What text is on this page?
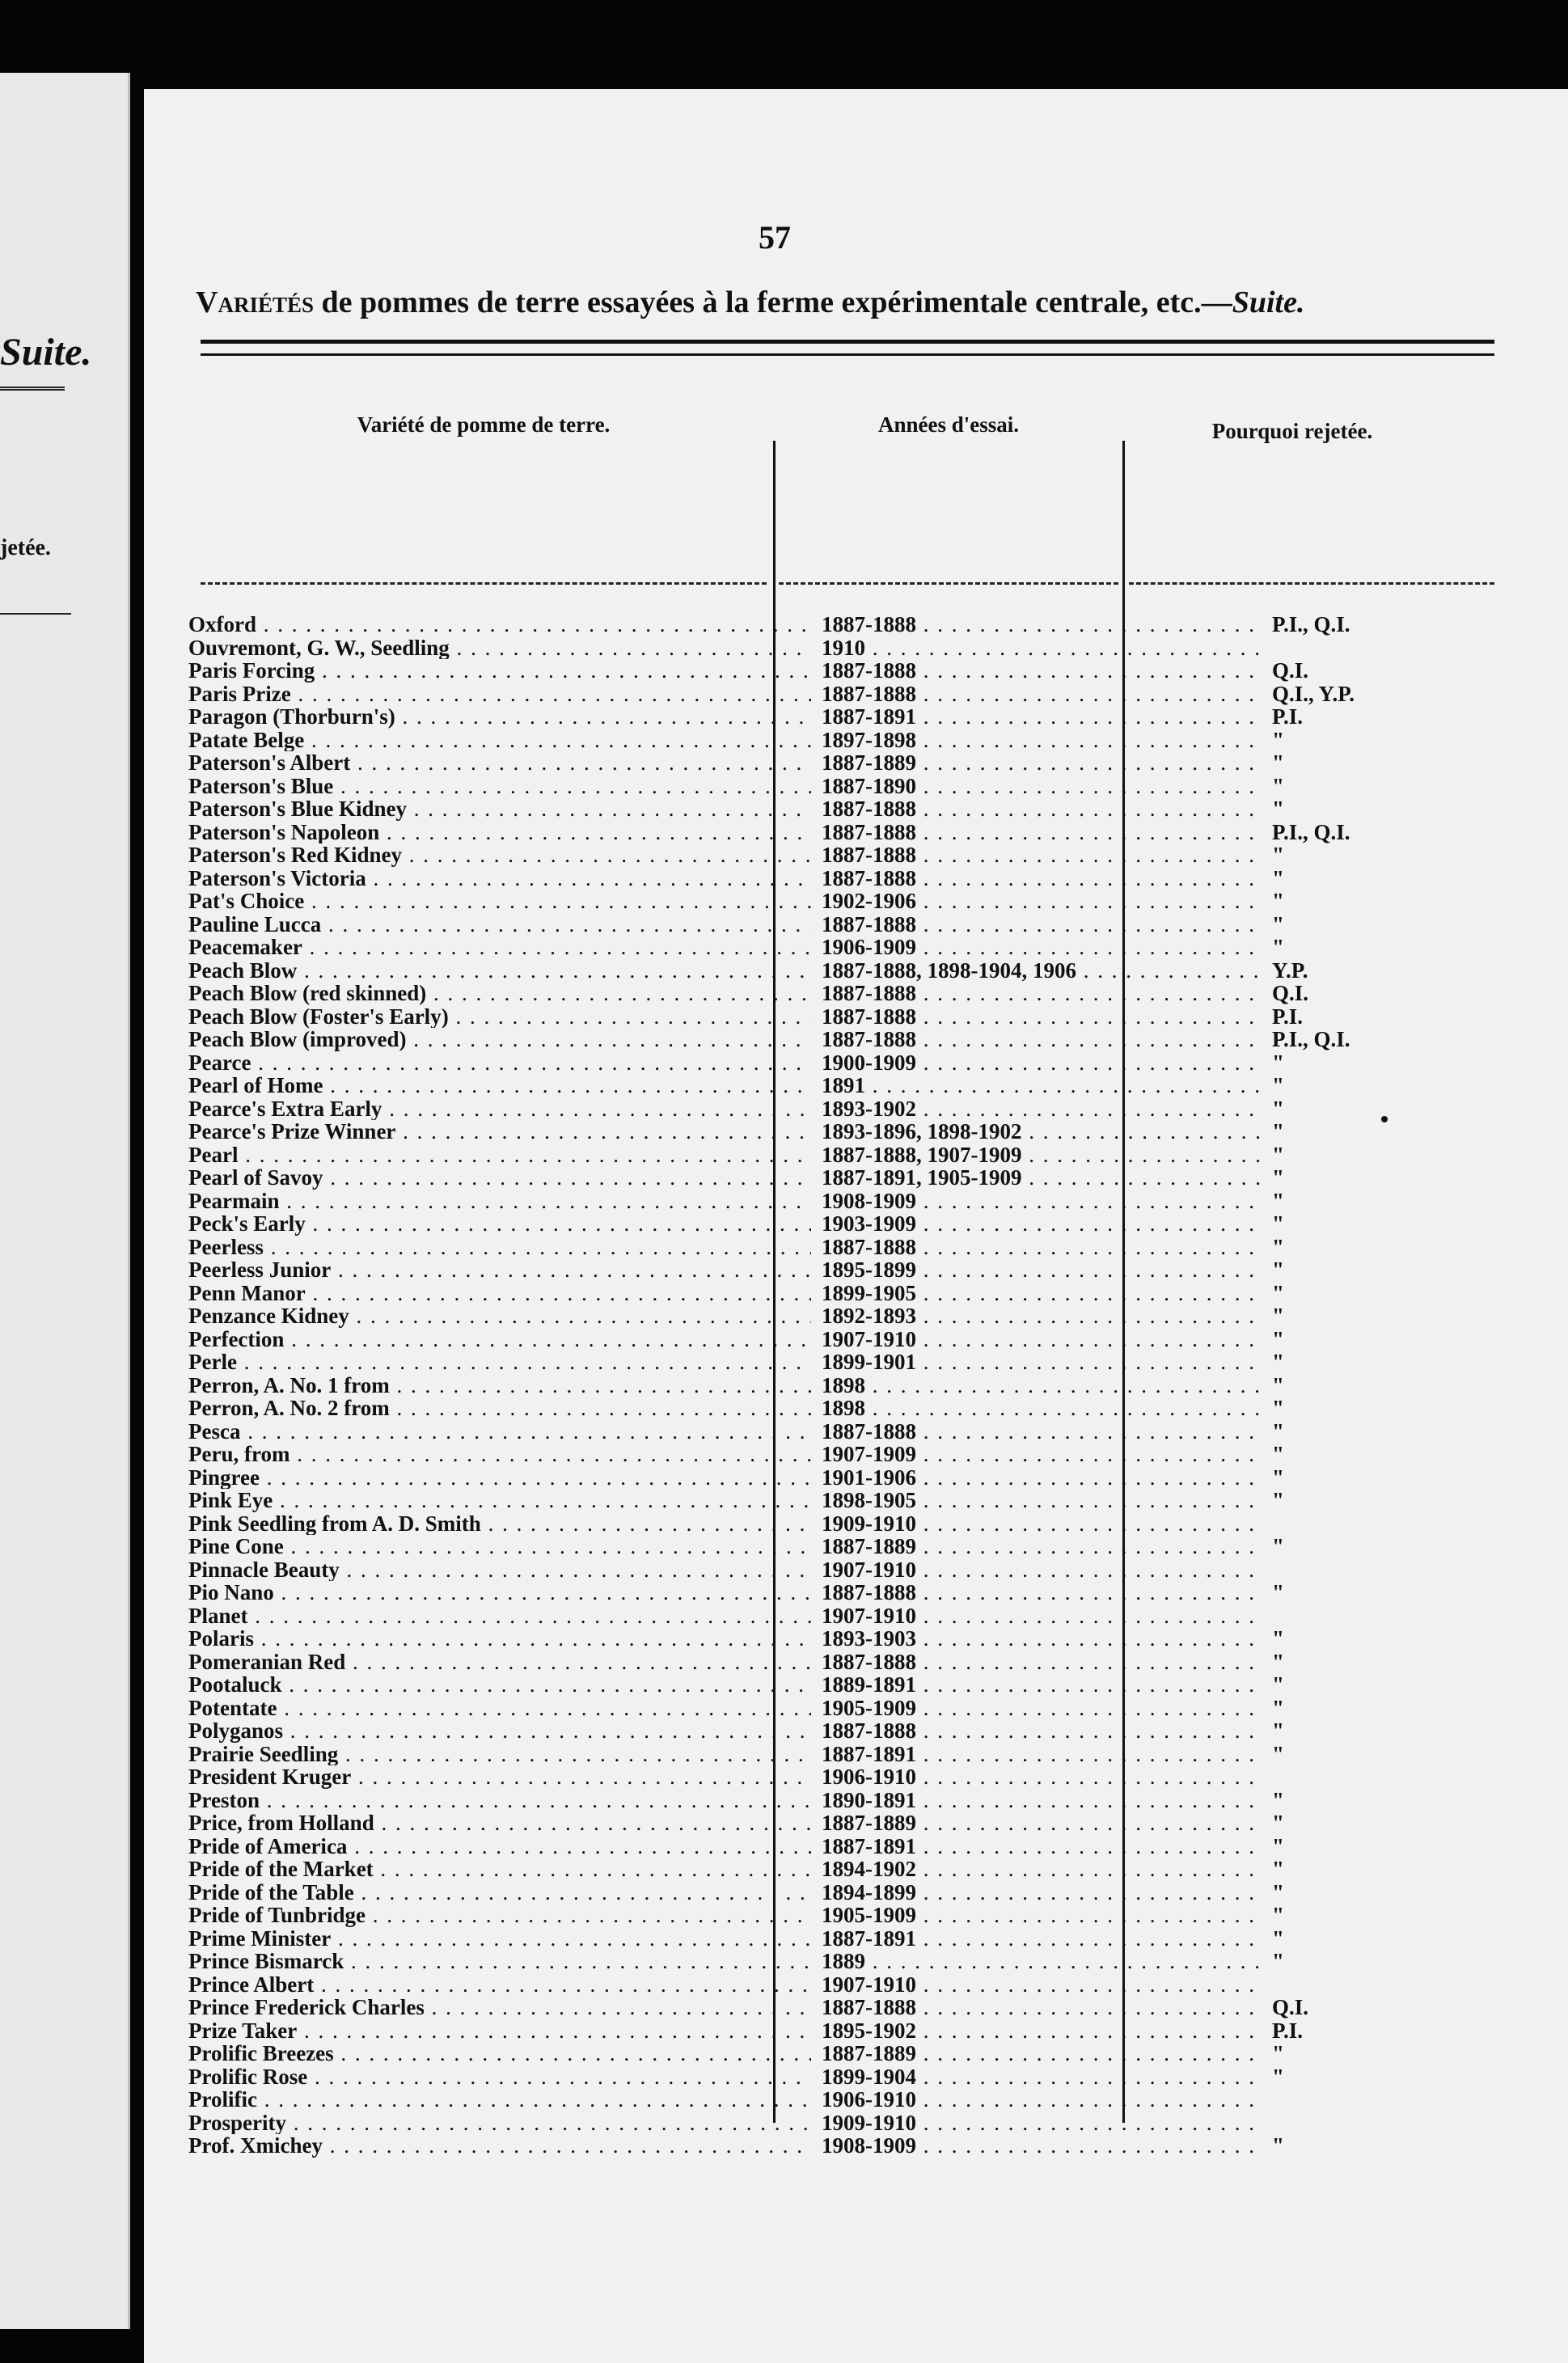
Suite.
jetée.
57
Variétés de pommes de terre essayées à la ferme expérimentale centrale, etc.—Suite.
Variété de pomme de terre.	Années d'essai.	Pourquoi rejetée.
Oxford . . .	1887-1888 . . .	P.I., Q.I.
Ouvremont, G. W., Seedling . . .	1910 . . .
Paris Forcing . . .	1887-1888 . . .	Q.I.
Paris Prize . . .	1887-1888 . . .	Q.I., Y.P.
Paragon (Thorburn's) . . .	1887-1891 . . .	P.I.
Patate Belge . . .	1897-1898 . . .	"
Paterson's Albert . . .	1887-1889 . . .	"
Paterson's Blue . . .	1887-1890 . . .	"
Paterson's Blue Kidney . . .	1887-1888 . . .	"
Paterson's Napoleon . . .	1887-1888 . . .	P.I., Q.I.
Paterson's Red Kidney . . .	1887-1888 . . .	"
Paterson's Victoria . . .	1887-1888 . . .	"
Pat's Choice . . .	1902-1906 . . .	"
Pauline Lucca . . .	1887-1888 . . .	"
Peacemaker . . .	1906-1909 . . .	"
Peach Blow . . .	1887-1888, 1898-1904, 1906 . . .	Y.P.
Peach Blow (red skinned) . . .	1887-1888 . . .	Q.I.
Peach Blow (Foster's Early) . . .	1887-1888 . . .	P.I.
Peach Blow (improved) . . .	1887-1888 . . .	P.I., Q.I.
Pearce . . .	1900-1909 . . .	"
Pearl of Home . . .	1891 . . .	"
Pearce's Extra Early . . .	1893-1902 . . .	"
Pearce's Prize Winner . . .	1893-1896, 1898-1902 . . .	"
Pearl . . .	1887-1888, 1907-1909 . . .	"
Pearl of Savoy . . .	1887-1891, 1905-1909 . . .	"
Pearmain . . .	1908-1909 . . .	"
Peck's Early . . .	1903-1909 . . .	"
Peerless . . .	1887-1888 . . .	"
Peerless Junior . . .	1895-1899 . . .	"
Penn Manor . . .	1899-1905 . . .	"
Penzance Kidney . . .	1892-1893 . . .	"
Perfection . . .	1907-1910 . . .	"
Perle . . .	1899-1901 . . .	"
Perron, A. No. 1 from . . .	1898 . . .	"
Perron, A. No. 2 from . . .	1898 . . .	"
Pesca . . .	1887-1888 . . .	"
Peru, from . . .	1907-1909 . . .	"
Pingree . . .	1901-1906 . . .	"
Pink Eye . . .	1898-1905 . . .	"
Pink Seedling from A. D. Smith . . .	1909-1910 . . .
Pine Cone . . .	1887-1889 . . .	"
Pinnacle Beauty . . .	1907-1910 . . .
Pio Nano . . .	1887-1888 . . .	"
Planet . . .	1907-1910 . . .
Polaris . . .	1893-1903 . . .	"
Pomeranian Red . . .	1887-1888 . . .	"
Pootaluck . . .	1889-1891 . . .	"
Potentate . . .	1905-1909 . . .	"
Polyganos . . .	1887-1888 . . .	"
Prairie Seedling . . .	1887-1891 . . .	"
President Kruger . . .	1906-1910 . . .
Preston . . .	1890-1891 . . .	"
Price, from Holland . . .	1887-1889 . . .	"
Pride of America . . .	1887-1891 . . .	"
Pride of the Market . . .	1894-1902 . . .	"
Pride of the Table . . .	1894-1899 . . .	"
Pride of Tunbridge . . .	1905-1909 . . .	"
Prime Minister . . .	1887-1891 . . .	"
Prince Bismarck . . .	1889 . . .	"
Prince Albert . . .	1907-1910 . . .
Prince Frederick Charles . . .	1887-1888 . . .	Q.I.
Prize Taker . . .	1895-1902 . . .	P.I.
Prolific Breezes . . .	1887-1889 . . .	"
Prolific Rose . . .	1899-1904 . . .	"
Prolific . . .	1906-1910 . . .
Prosperity . . .	1909-1910 . . .
Prof. Xmichey . . .	1908-1909 . . .	"
